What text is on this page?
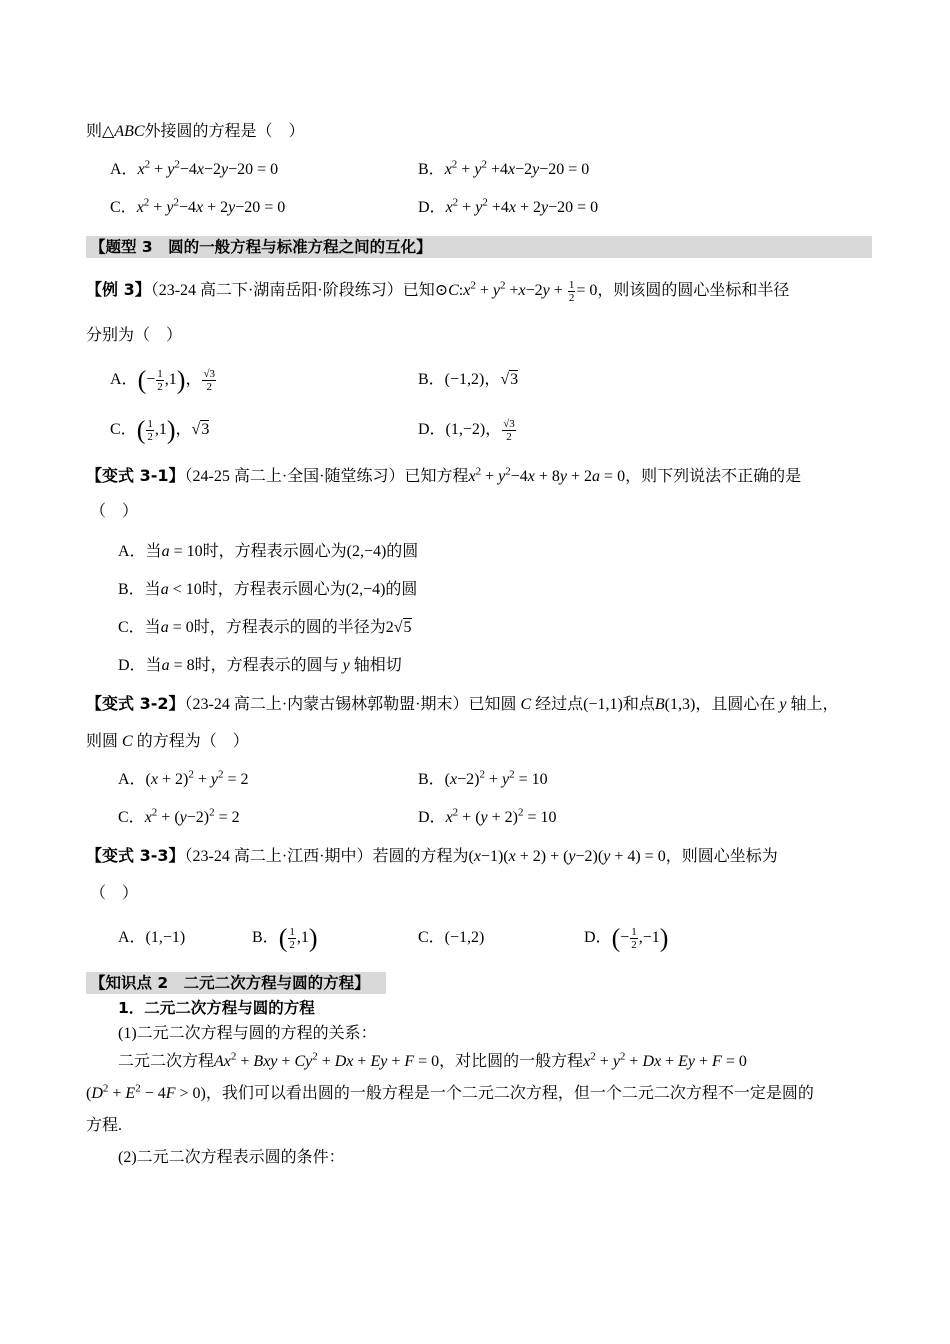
则△ABC外接圆的方程是（　）
A．$x^2 + y^2-4x-2y-20 = 0$	B．$x^2 + y^2 +4x-2y-20 = 0$
C．$x^2 + y^2-4x + 2y-20 = 0$	D．$x^2 + y^2 +4x + 2y-20 = 0$
【题型 3　圆的一般方程与标准方程之间的互化】
【例 3】（23-24 高二下·湖南岳阳·阶段练习）已知$⊙C:x^2 + y^2 +x-2y + \frac{1}{2} = 0$，则该圆的圆心坐标和半径
分别为（　）
A．(− $\frac{1}{2} ,1$)， $\frac{√3}{2}$	B．(−1,2)，√3
C．( $\frac{1}{2} ,1$)，√3	D．(1,−2)， $\frac{√3}{2}$
【变式 3-1】（24-25 高二上·全国·随堂练习）已知方程$x^2 + y^2-4x + 8y + 2a = 0$，则下列说法不正确的是
（　）
A．当a = 10时，方程表示圆心为(2,−4)的圆
B．当a < 10时，方程表示圆心为(2,−4)的圆
C．当a = 0时，方程表示的圆的半径为2√5
D．当a = 8时，方程表示的圆与 y 轴相切
【变式 3-2】（23-24 高二上·内蒙古锡林郭勒盟·期末）已知圆 C 经过点(−1,1)和点B(1,3)，且圆心在 y 轴上，
则圆 C 的方程为（　）
A．$(x + 2)^2 + y^2 = 2$	B．$(x-2)^2 + y^2 = 10$
C．$x^2 + (y-2)^2 = 2$	D．$x^2 + (y + 2)^2 = 10$
【变式 3-3】（23-24 高二上·江西·期中）若圆的方程为(x−1)(x + 2) + (y−2)(y + 4) = 0，则圆心坐标为
（　）
A．(1,−1)	B．( $\frac{1}{2} ,1$)	C．(−1,2)	D．(− $\frac{1}{2} ,-1$)
【知识点 2　二元二次方程与圆的方程】
1．二元二次方程与圆的方程
(1)二元二次方程与圆的方程的关系：
二元二次方程$Ax^2$ + Bxy + $Cy^2 + Dx + Ey + F = 0$，对比圆的一般方程$x^2 + y^2 + Dx + Ey + F = 0$
$(D^2 + E^2 - 4F > 0)$，我们可以看出圆的一般方程是一个二元二次方程，但一个二元二次方程不一定是圆的
方程.
(2)二元二次方程表示圆的条件：
